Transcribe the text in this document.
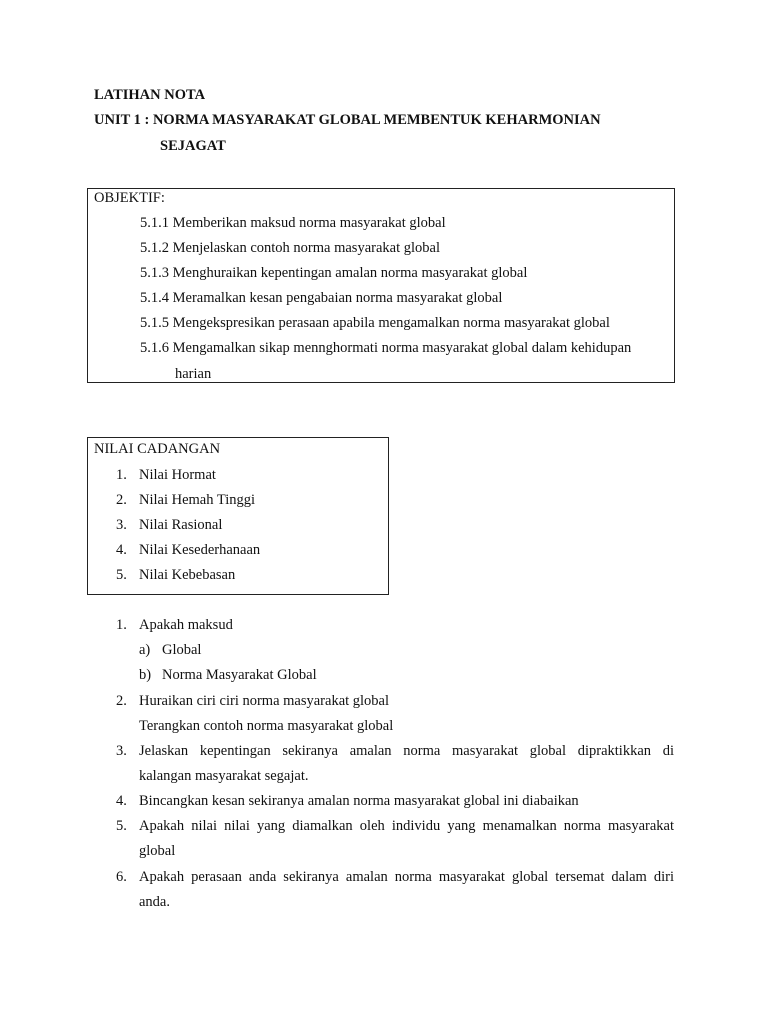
LATIHAN NOTA
UNIT 1 : NORMA MASYARAKAT GLOBAL MEMBENTUK KEHARMONIAN
SEJAGAT
OBJEKTIF:
5.1.1 Memberikan maksud norma masyarakat global
5.1.2 Menjelaskan contoh norma masyarakat global
5.1.3 Menghuraikan kepentingan amalan norma masyarakat global
5.1.4 Meramalkan kesan pengabaian norma masyarakat global
5.1.5 Mengekspresikan perasaan apabila mengamalkan norma masyarakat global
5.1.6 Mengamalkan sikap mennghormati norma masyarakat global dalam kehidupan
harian
NILAI CADANGAN
1. Nilai Hormat
2. Nilai Hemah Tinggi
3. Nilai Rasional
4. Nilai Kesederhanaan
5. Nilai Kebebasan
1. Apakah maksud
a) Global
b) Norma Masyarakat Global
2. Huraikan ciri ciri norma masyarakat global
Terangkan contoh norma masyarakat global
3. Jelaskan kepentingan sekiranya amalan norma masyarakat global dipraktikkan di
kalangan masyarakat segajat.
4. Bincangkan kesan sekiranya amalan norma masyarakat global ini diabaikan
5. Apakah nilai nilai yang diamalkan oleh individu yang menamalkan norma masyarakat
global
6. Apakah perasaan anda sekiranya amalan norma masyarakat global tersemat dalam diri
anda.
